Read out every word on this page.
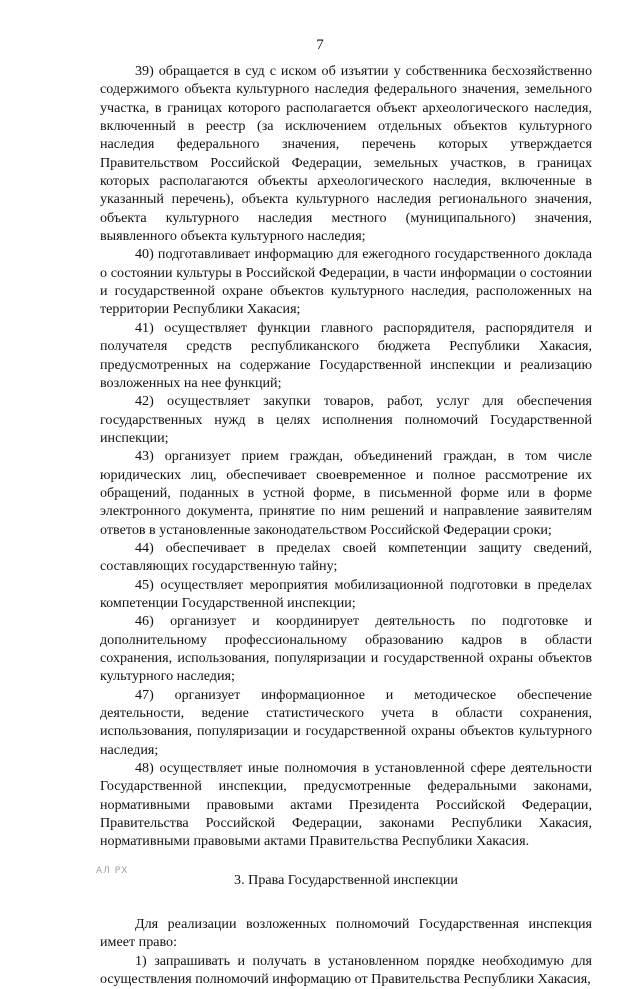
7

39) обращается в суд с иском об изъятии у собственника бесхозяйственно содержимого объекта культурного наследия федерального значения, земельного участка, в границах которого располагается объект археологического наследия, включенный в реестр (за исключением отдельных объектов культурного наследия федерального значения, перечень которых утверждается Правительством Российской Федерации, земельных участков, в границах которых располагаются объекты археологического наследия, включенные в указанный перечень), объекта культурного наследия регионального значения, объекта культурного наследия местного (муниципального) значения, выявленного объекта культурного наследия;

40) подготавливает информацию для ежегодного государственного доклада о состоянии культуры в Российской Федерации, в части информации о состоянии и государственной охране объектов культурного наследия, расположенных на территории Республики Хакасия;

41) осуществляет функции главного распорядителя, распорядителя и получателя средств республиканского бюджета Республики Хакасия, предусмотренных на содержание Государственной инспекции и реализацию возложенных на нее функций;

42) осуществляет закупки товаров, работ, услуг для обеспечения государственных нужд в целях исполнения полномочий Государственной инспекции;

43) организует прием граждан, объединений граждан, в том числе юридических лиц, обеспечивает своевременное и полное рассмотрение их обращений, поданных в устной форме, в письменной форме или в форме электронного документа, принятие по ним решений и направление заявителям ответов в установленные законодательством Российской Федерации сроки;

44) обеспечивает в пределах своей компетенции защиту сведений, составляющих государственную тайну;

45) осуществляет мероприятия мобилизационной подготовки в пределах компетенции Государственной инспекции;

46) организует и координирует деятельность по подготовке и дополнительному профессиональному образованию кадров в области сохранения, использования, популяризации и государственной охраны объектов культурного наследия;

47) организует информационное и методическое обеспечение деятельности, ведение статистического учета в области сохранения, использования, популяризации и государственной охраны объектов культурного наследия;

48) осуществляет иные полномочия в установленной сфере деятельности Государственной инспекции, предусмотренные федеральными законами, нормативными правовыми актами Президента Российской Федерации, Правительства Российской Федерации, законами Республики Хакасия, нормативными правовыми актами Правительства Республики Хакасия.

3. Права Государственной инспекции

Для реализации возложенных полномочий Государственная инспекция имеет право:

1) запрашивать и получать в установленном порядке необходимую для осуществления полномочий информацию от Правительства Республики Хакасия,

АЛ РХ
